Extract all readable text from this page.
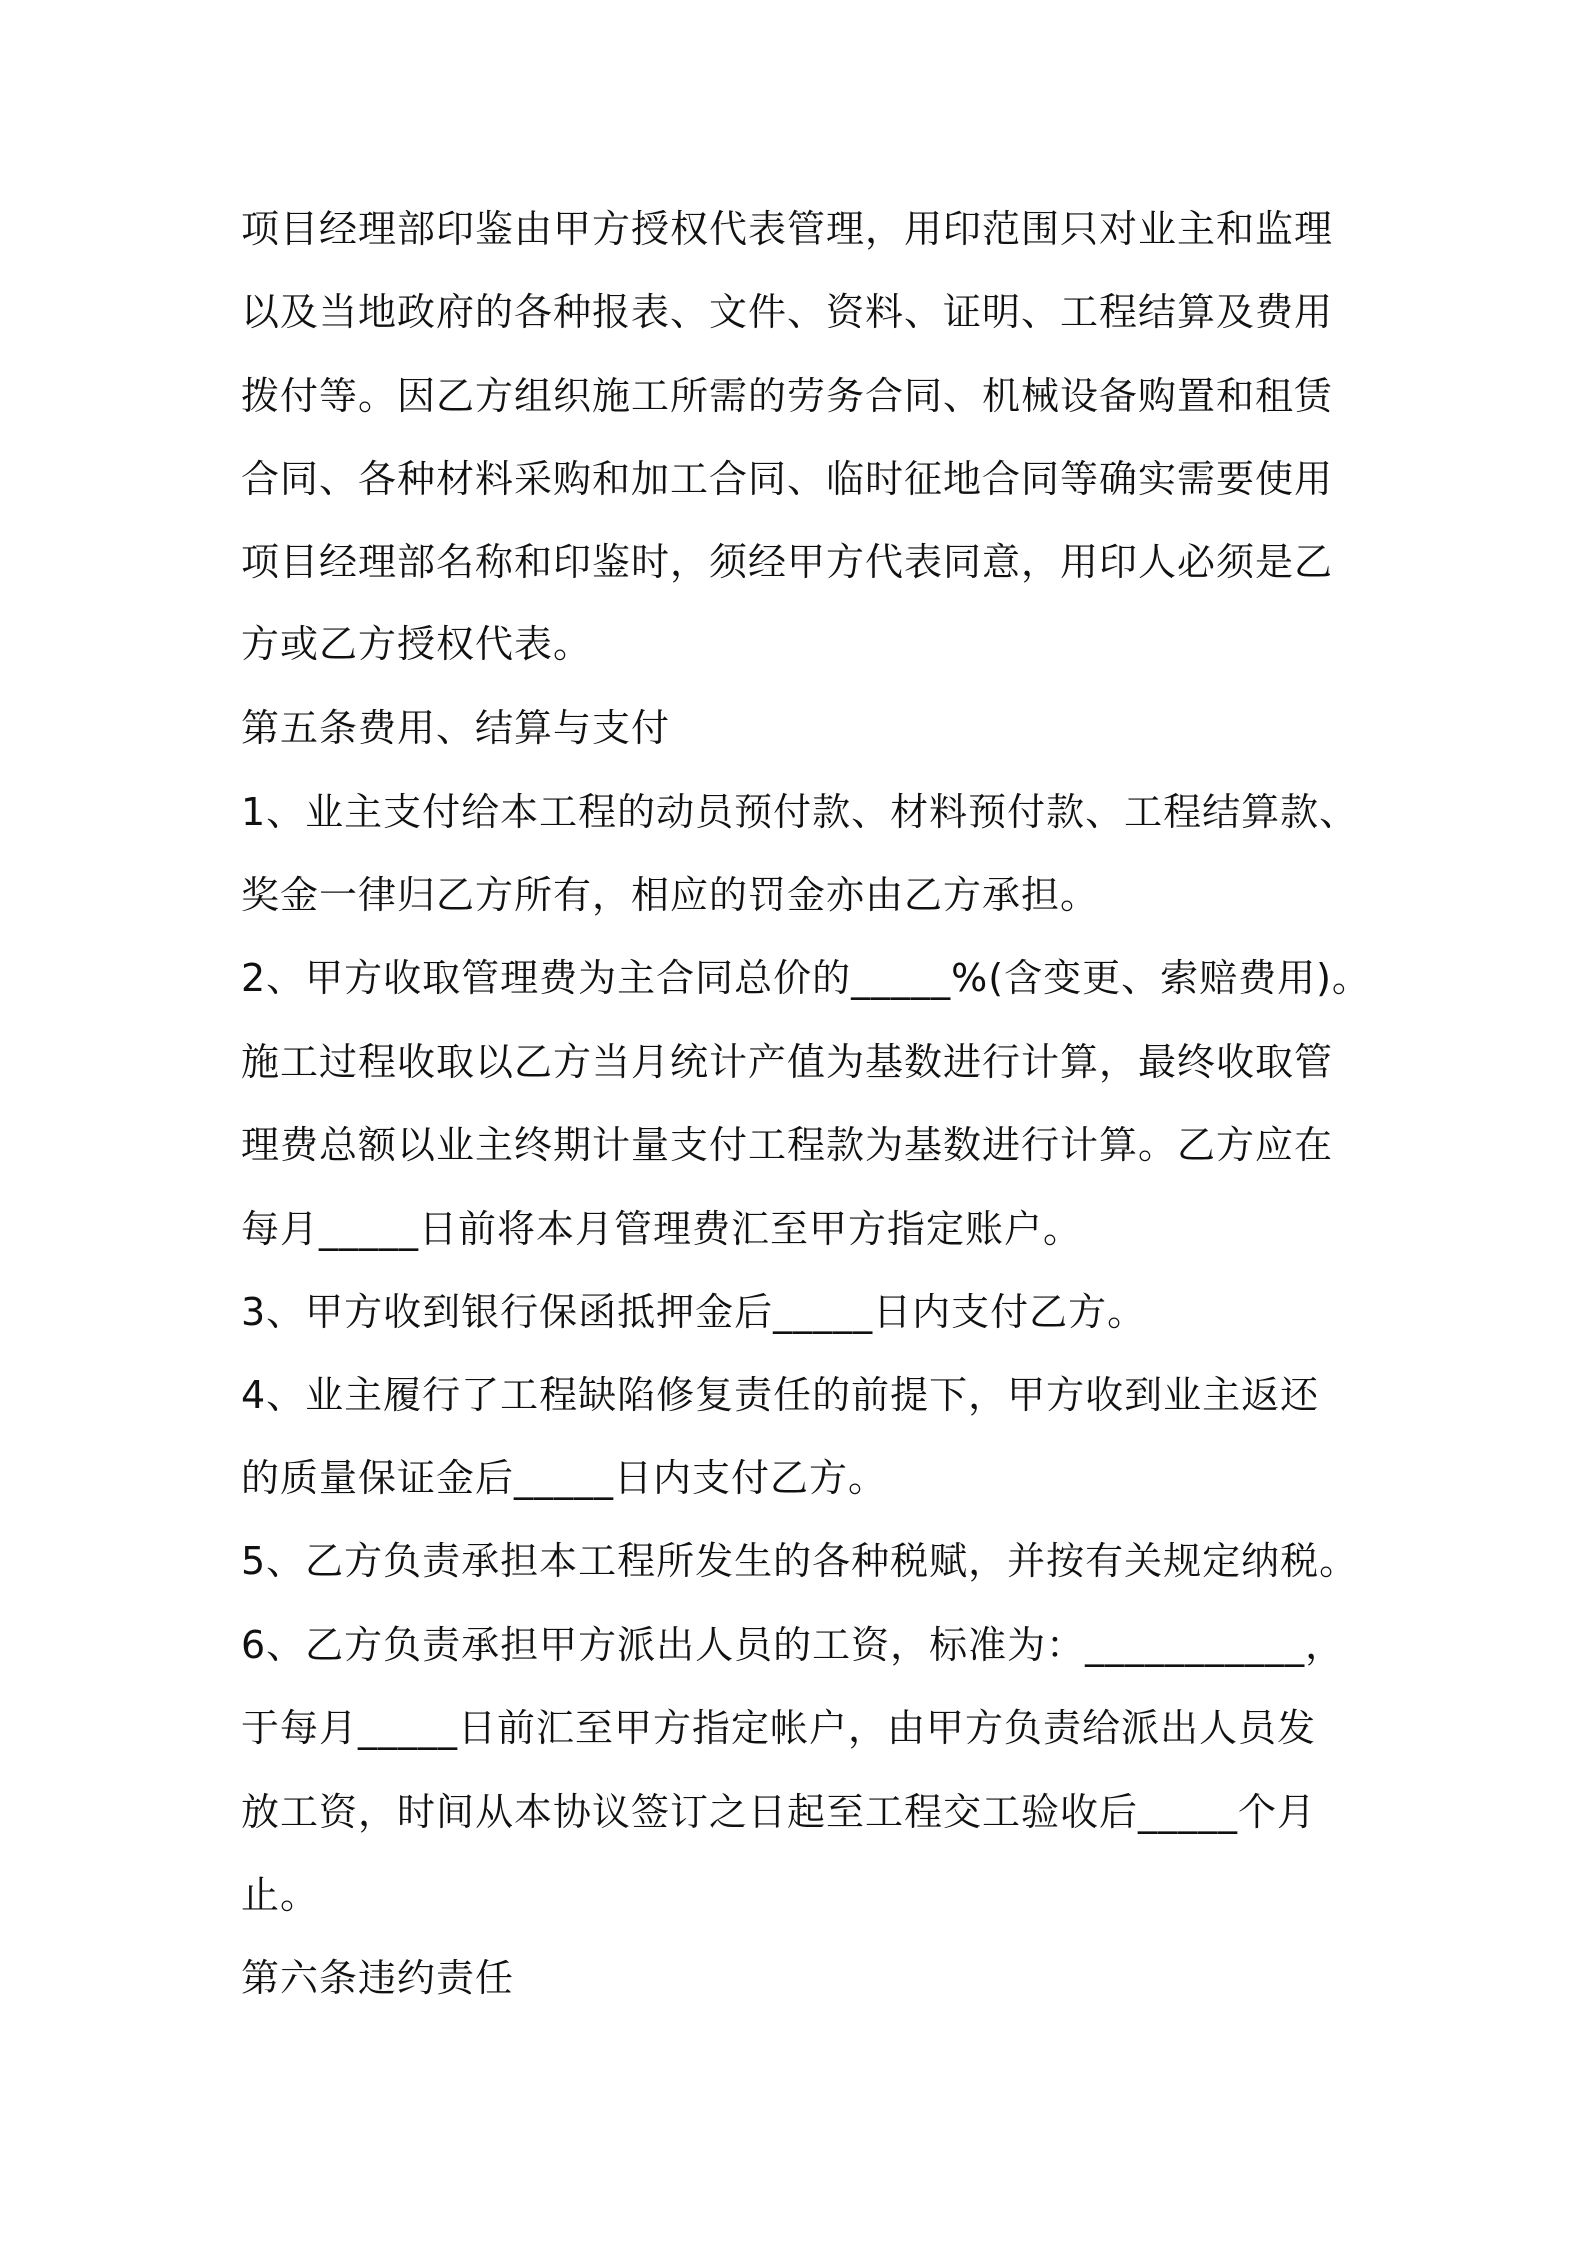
项目经理部印鉴由甲方授权代表管理，用印范围只对业主和监理
以及当地政府的各种报表、文件、资料、证明、工程结算及费用
拨付等。因乙方组织施工所需的劳务合同、机械设备购置和租赁
合同、各种材料采购和加工合同、临时征地合同等确实需要使用
项目经理部名称和印鉴时，须经甲方代表同意，用印人必须是乙
方或乙方授权代表。
第五条费用、结算与支付
1、业主支付给本工程的动员预付款、材料预付款、工程结算款、
奖金一律归乙方所有，相应的罚金亦由乙方承担。
2、甲方收取管理费为主合同总价的_____%(含变更、索赔费用)。
施工过程收取以乙方当月统计产值为基数进行计算，最终收取管
理费总额以业主终期计量支付工程款为基数进行计算。乙方应在
每月_____日前将本月管理费汇至甲方指定账户。
3、甲方收到银行保函抵押金后_____日内支付乙方。
4、业主履行了工程缺陷修复责任的前提下，甲方收到业主返还
的质量保证金后_____日内支付乙方。
5、乙方负责承担本工程所发生的各种税赋，并按有关规定纳税。
6、乙方负责承担甲方派出人员的工资，标准为：___________，
于每月_____日前汇至甲方指定帐户，由甲方负责给派出人员发
放工资，时间从本协议签订之日起至工程交工验收后_____个月
止。
第六条违约责任
